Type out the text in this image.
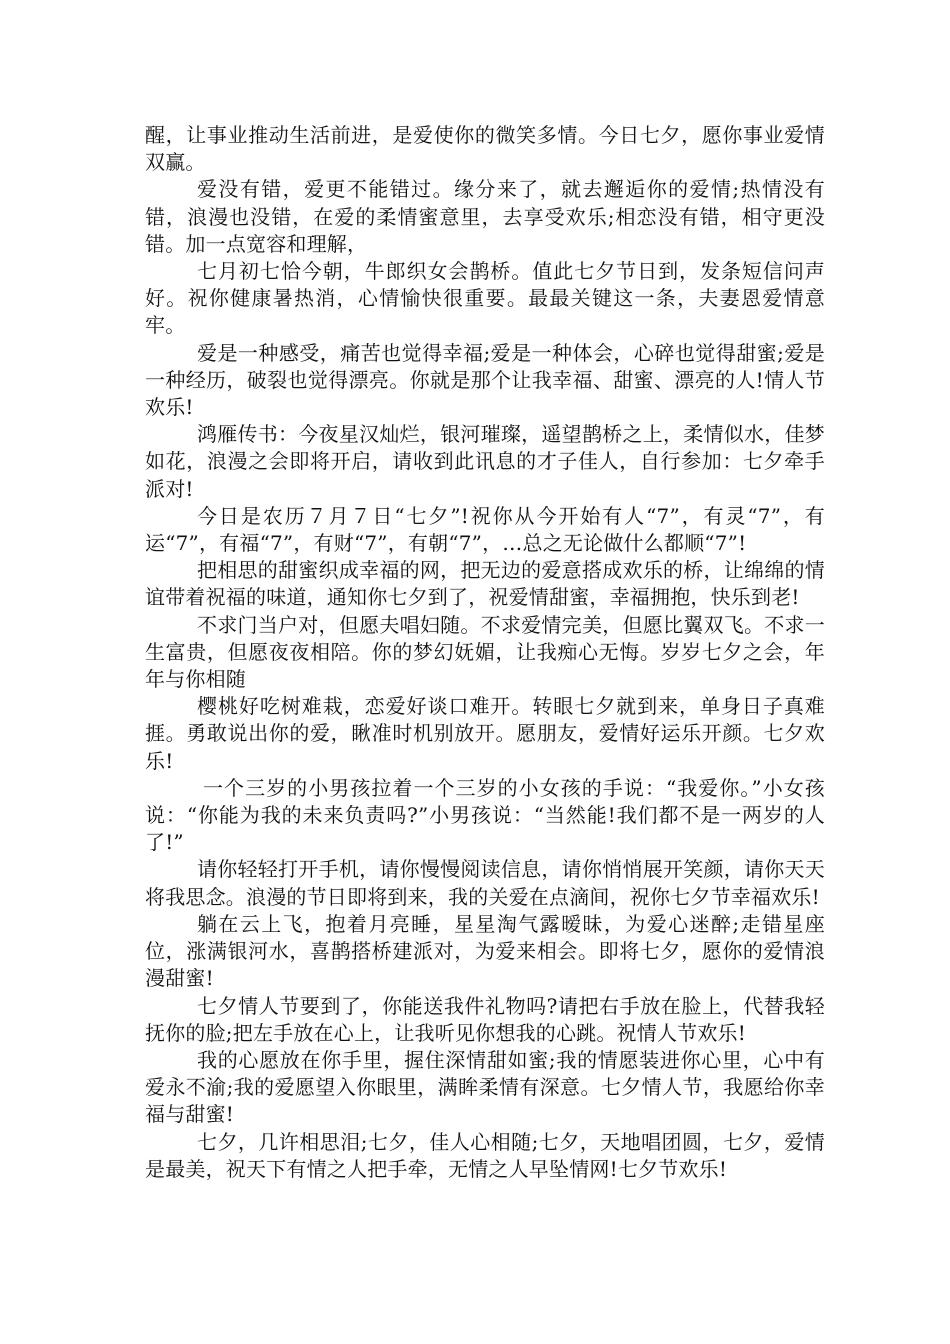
醒，让事业推动生活前进，是爱使你的微笑多情。今日七夕，愿你事业爱情双赢。

爱没有错，爱更不能错过。缘分来了，就去邂逅你的爱情;热情没有错，浪漫也没错，在爱的柔情蜜意里，去享受欢乐;相恋没有错，相守更没错。加一点宽容和理解，

七月初七恰今朝，牛郎织女会鹊桥。值此七夕节日到，发条短信问声好。祝你健康暑热消，心情愉快很重要。最最关键这一条，夫妻恩爱情意牢。

爱是一种感受，痛苦也觉得幸福;爱是一种体会，心碎也觉得甜蜜;爱是一种经历，破裂也觉得漂亮。你就是那个让我幸福、甜蜜、漂亮的人!情人节欢乐!

鸿雁传书：今夜星汉灿烂，银河璀璨，遥望鹊桥之上，柔情似水，佳梦如花，浪漫之会即将开启，请收到此讯息的才子佳人，自行参加：七夕牵手派对!

今日是农历７月７日“七夕”!祝你从今开始有人“7”，有灵“7”，有运“7”，有福“7”，有财“7”，有朝“7”，…总之无论做什么都顺“7”!

把相思的甜蜜织成幸福的网，把无边的爱意搭成欢乐的桥，让绵绵的情谊带着祝福的味道，通知你七夕到了，祝爱情甜蜜，幸福拥抱，快乐到老!

不求门当户对，但愿夫唱妇随。不求爱情完美，但愿比翼双飞。不求一生富贵，但愿夜夜相陪。你的梦幻妩媚，让我痴心无悔。岁岁七夕之会，年年与你相随

樱桃好吃树难栽，恋爱好谈口难开。转眼七夕就到来，单身日子真难捱。勇敢说出你的爱，瞅准时机别放开。愿朋友，爱情好运乐开颜。七夕欢乐!

一个三岁的小男孩拉着一个三岁的小女孩的手说：“我爱你。”小女孩说：“你能为我的未来负责吗?”小男孩说：“当然能!我们都不是一两岁的人了!”

请你轻轻打开手机，请你慢慢阅读信息，请你悄悄展开笑颜，请你天天将我思念。浪漫的节日即将到来，我的关爱在点滴间，祝你七夕节幸福欢乐!

躺在云上飞，抱着月亮睡，星星淘气露暧昧，为爱心迷醉;走错星座位，涨满银河水，喜鹊搭桥建派对，为爱来相会。即将七夕，愿你的爱情浪漫甜蜜!

七夕情人节要到了，你能送我件礼物吗?请把右手放在脸上，代替我轻抚你的脸;把左手放在心上，让我听见你想我的心跳。祝情人节欢乐!

我的心愿放在你手里，握住深情甜如蜜;我的情愿装进你心里，心中有爱永不渝;我的爱愿望入你眼里，满眸柔情有深意。七夕情人节，我愿给你幸福与甜蜜!

七夕，几许相思泪;七夕，佳人心相随;七夕，天地唱团圆，七夕，爱情是最美，祝天下有情之人把手牵，无情之人早坠情网!七夕节欢乐!
